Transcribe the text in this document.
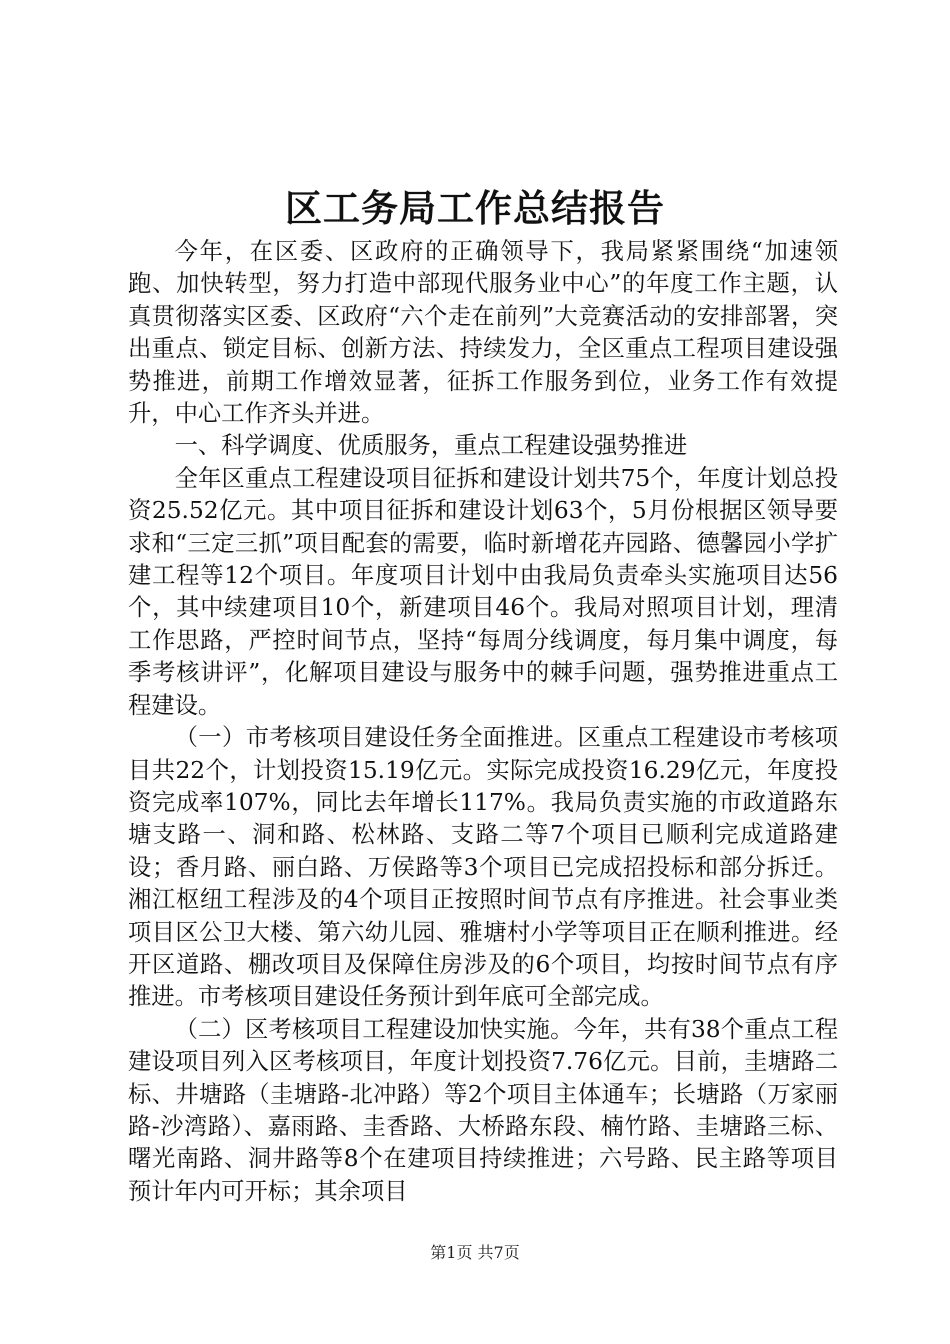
区工务局工作总结报告

今年，在区委、区政府的正确领导下，我局紧紧围绕“加速领跑、加快转型，努力打造中部现代服务业中心”的年度工作主题，认真贯彻落实区委、区政府“六个走在前列”大竞赛活动的安排部署，突出重点、锁定目标、创新方法、持续发力，全区重点工程项目建设强势推进，前期工作增效显著，征拆工作服务到位，业务工作有效提升，中心工作齐头并进。

一、科学调度、优质服务，重点工程建设强势推进

全年区重点工程建设项目征拆和建设计划共75个，年度计划总投资25.52亿元。其中项目征拆和建设计划63个，5月份根据区领导要求和“三定三抓”项目配套的需要，临时新增花卉园路、德馨园小学扩建工程等12个项目。年度项目计划中由我局负责牵头实施项目达56个，其中续建项目10个，新建项目46个。我局对照项目计划，理清工作思路，严控时间节点，坚持“每周分线调度，每月集中调度，每季考核讲评”，化解项目建设与服务中的棘手问题，强势推进重点工程建设。

（一）市考核项目建设任务全面推进。区重点工程建设市考核项目共22个，计划投资15.19亿元。实际完成投资16.29亿元，年度投资完成率107%，同比去年增长117%。我局负责实施的市政道路东塘支路一、洞和路、松林路、支路二等7个项目已顺利完成道路建设；香月路、丽白路、万侯路等3个项目已完成招投标和部分拆迁。湘江枢纽工程涉及的4个项目正按照时间节点有序推进。社会事业类项目区公卫大楼、第六幼儿园、雅塘村小学等项目正在顺利推进。经开区道路、棚改项目及保障住房涉及的6个项目，均按时间节点有序推进。市考核项目建设任务预计到年底可全部完成。

（二）区考核项目工程建设加快实施。今年，共有38个重点工程建设项目列入区考核项目，年度计划投资7.76亿元。目前，圭塘路二标、井塘路（圭塘路-北冲路）等2个项目主体通车；长塘路（万家丽路-沙湾路）、嘉雨路、圭香路、大桥路东段、楠竹路、圭塘路三标、曙光南路、洞井路等8个在建项目持续推进；六号路、民主路等项目预计年内可开标；其余项目

第1页 共7页
